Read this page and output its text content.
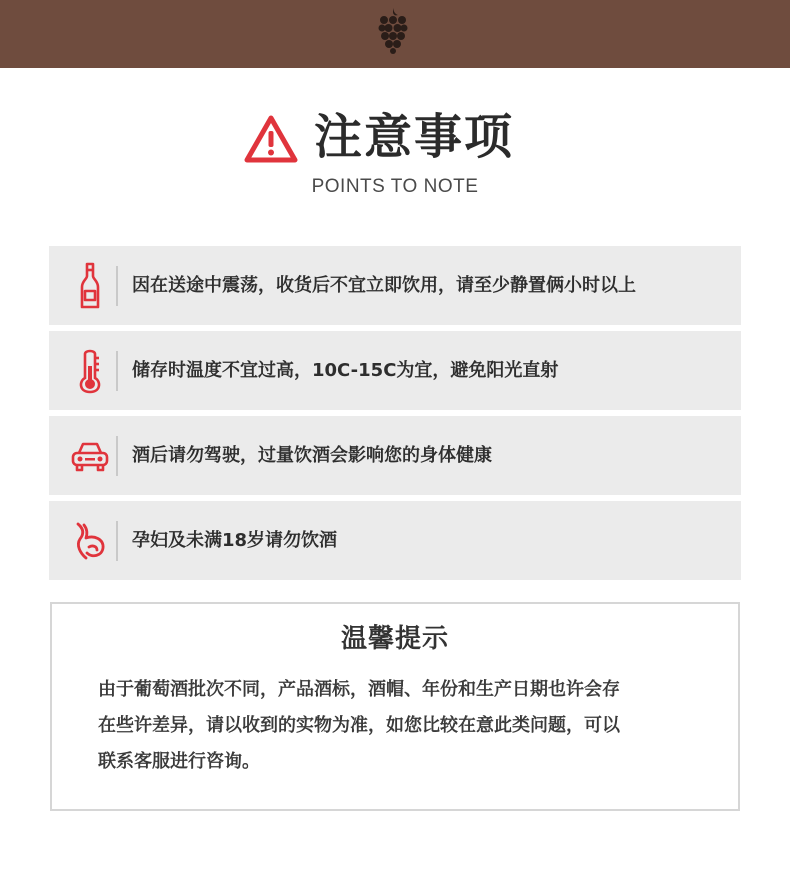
注意事项
POINTS TO NOTE
因在送途中震荡，收货后不宜立即饮用，请至少静置俩小时以上
储存时温度不宜过高，10C-15C为宜，避免阳光直射
酒后请勿驾驶，过量饮酒会影响您的身体健康
孕妇及未满18岁请勿饮酒
温馨提示
由于葡萄酒批次不同，产品酒标，酒帽、年份和生产日期也许会存
在些许差异，请以收到的实物为准，如您比较在意此类问题，可以
联系客服进行咨询。
